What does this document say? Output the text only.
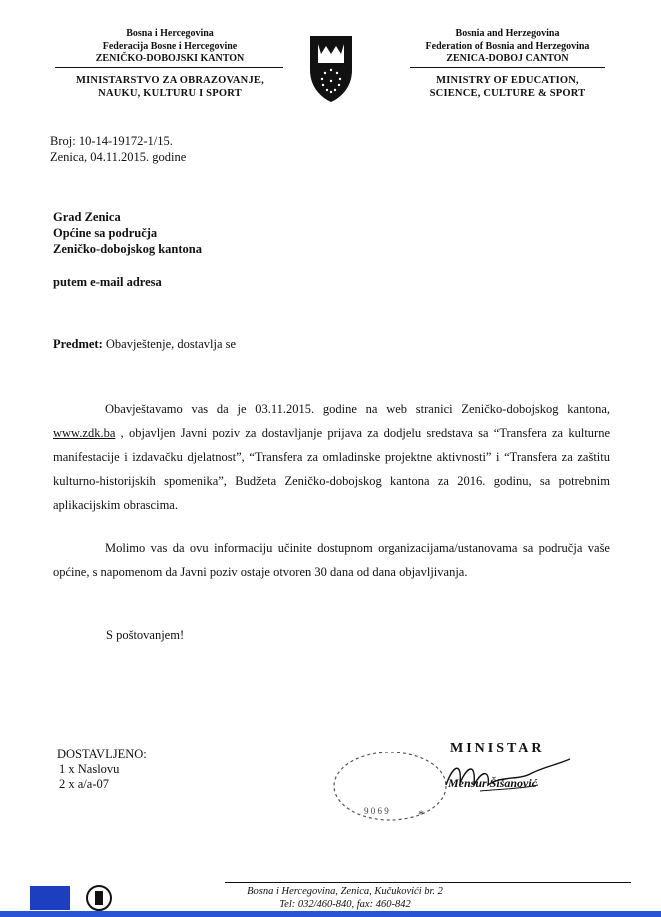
Bosna i Hercegovina
Federacija Bosne i Hercegovine
ZENIČKO-DOBOJSKI KANTON
MINISTARSTVO ZA OBRAZOVANJE,
NAUKU, KULTURU I SPORT
Bosnia and Herzegovina
Federation of Bosnia and Herzegovina
ZENICA-DOBOJ CANTON
MINISTRY OF EDUCATION,
SCIENCE, CULTURE & SPORT
Broj: 10-14-19172-1/15.
Zenica, 04.11.2015. godine
Grad Zenica
Općine sa područja
Zeničko-dobojskog kantona
putem e-mail adresa
Predmet: Obavještenje, dostavlja se
Obavještavamo vas da je 03.11.2015. godine na web stranici Zeničko-dobojskog kantona, www.zdk.ba , objavljen Javni poziv za dostavljanje prijava za dodjelu sredstava sa “Transfera za kulturne manifestacije i izdavačku djelatnost”, “Transfera za omladinske projektne aktivnosti” i “Transfera za zaštitu kulturno-historijskih spomenika”, Budžeta Zeničko-dobojskog kantona za 2016. godinu, sa potrebnim aplikacijskim obrascima.
Molimo vas da ovu informaciju učinite dostupnom organizacijama/ustanovama sa područja vaše općine, s napomenom da Javni poziv ostaje otvoren 30 dana od dana objavljivanja.
S poštovanjem!
DOSTAVLJENO:
1 x Naslovu
2 x a/a-07
9 0 6 9 *
MINISTAR
Mensur Šišanović
Bosna i Hercegovina, Zenica, Kučukovići br. 2
Tel: 032/460-840, fax: 460-842
